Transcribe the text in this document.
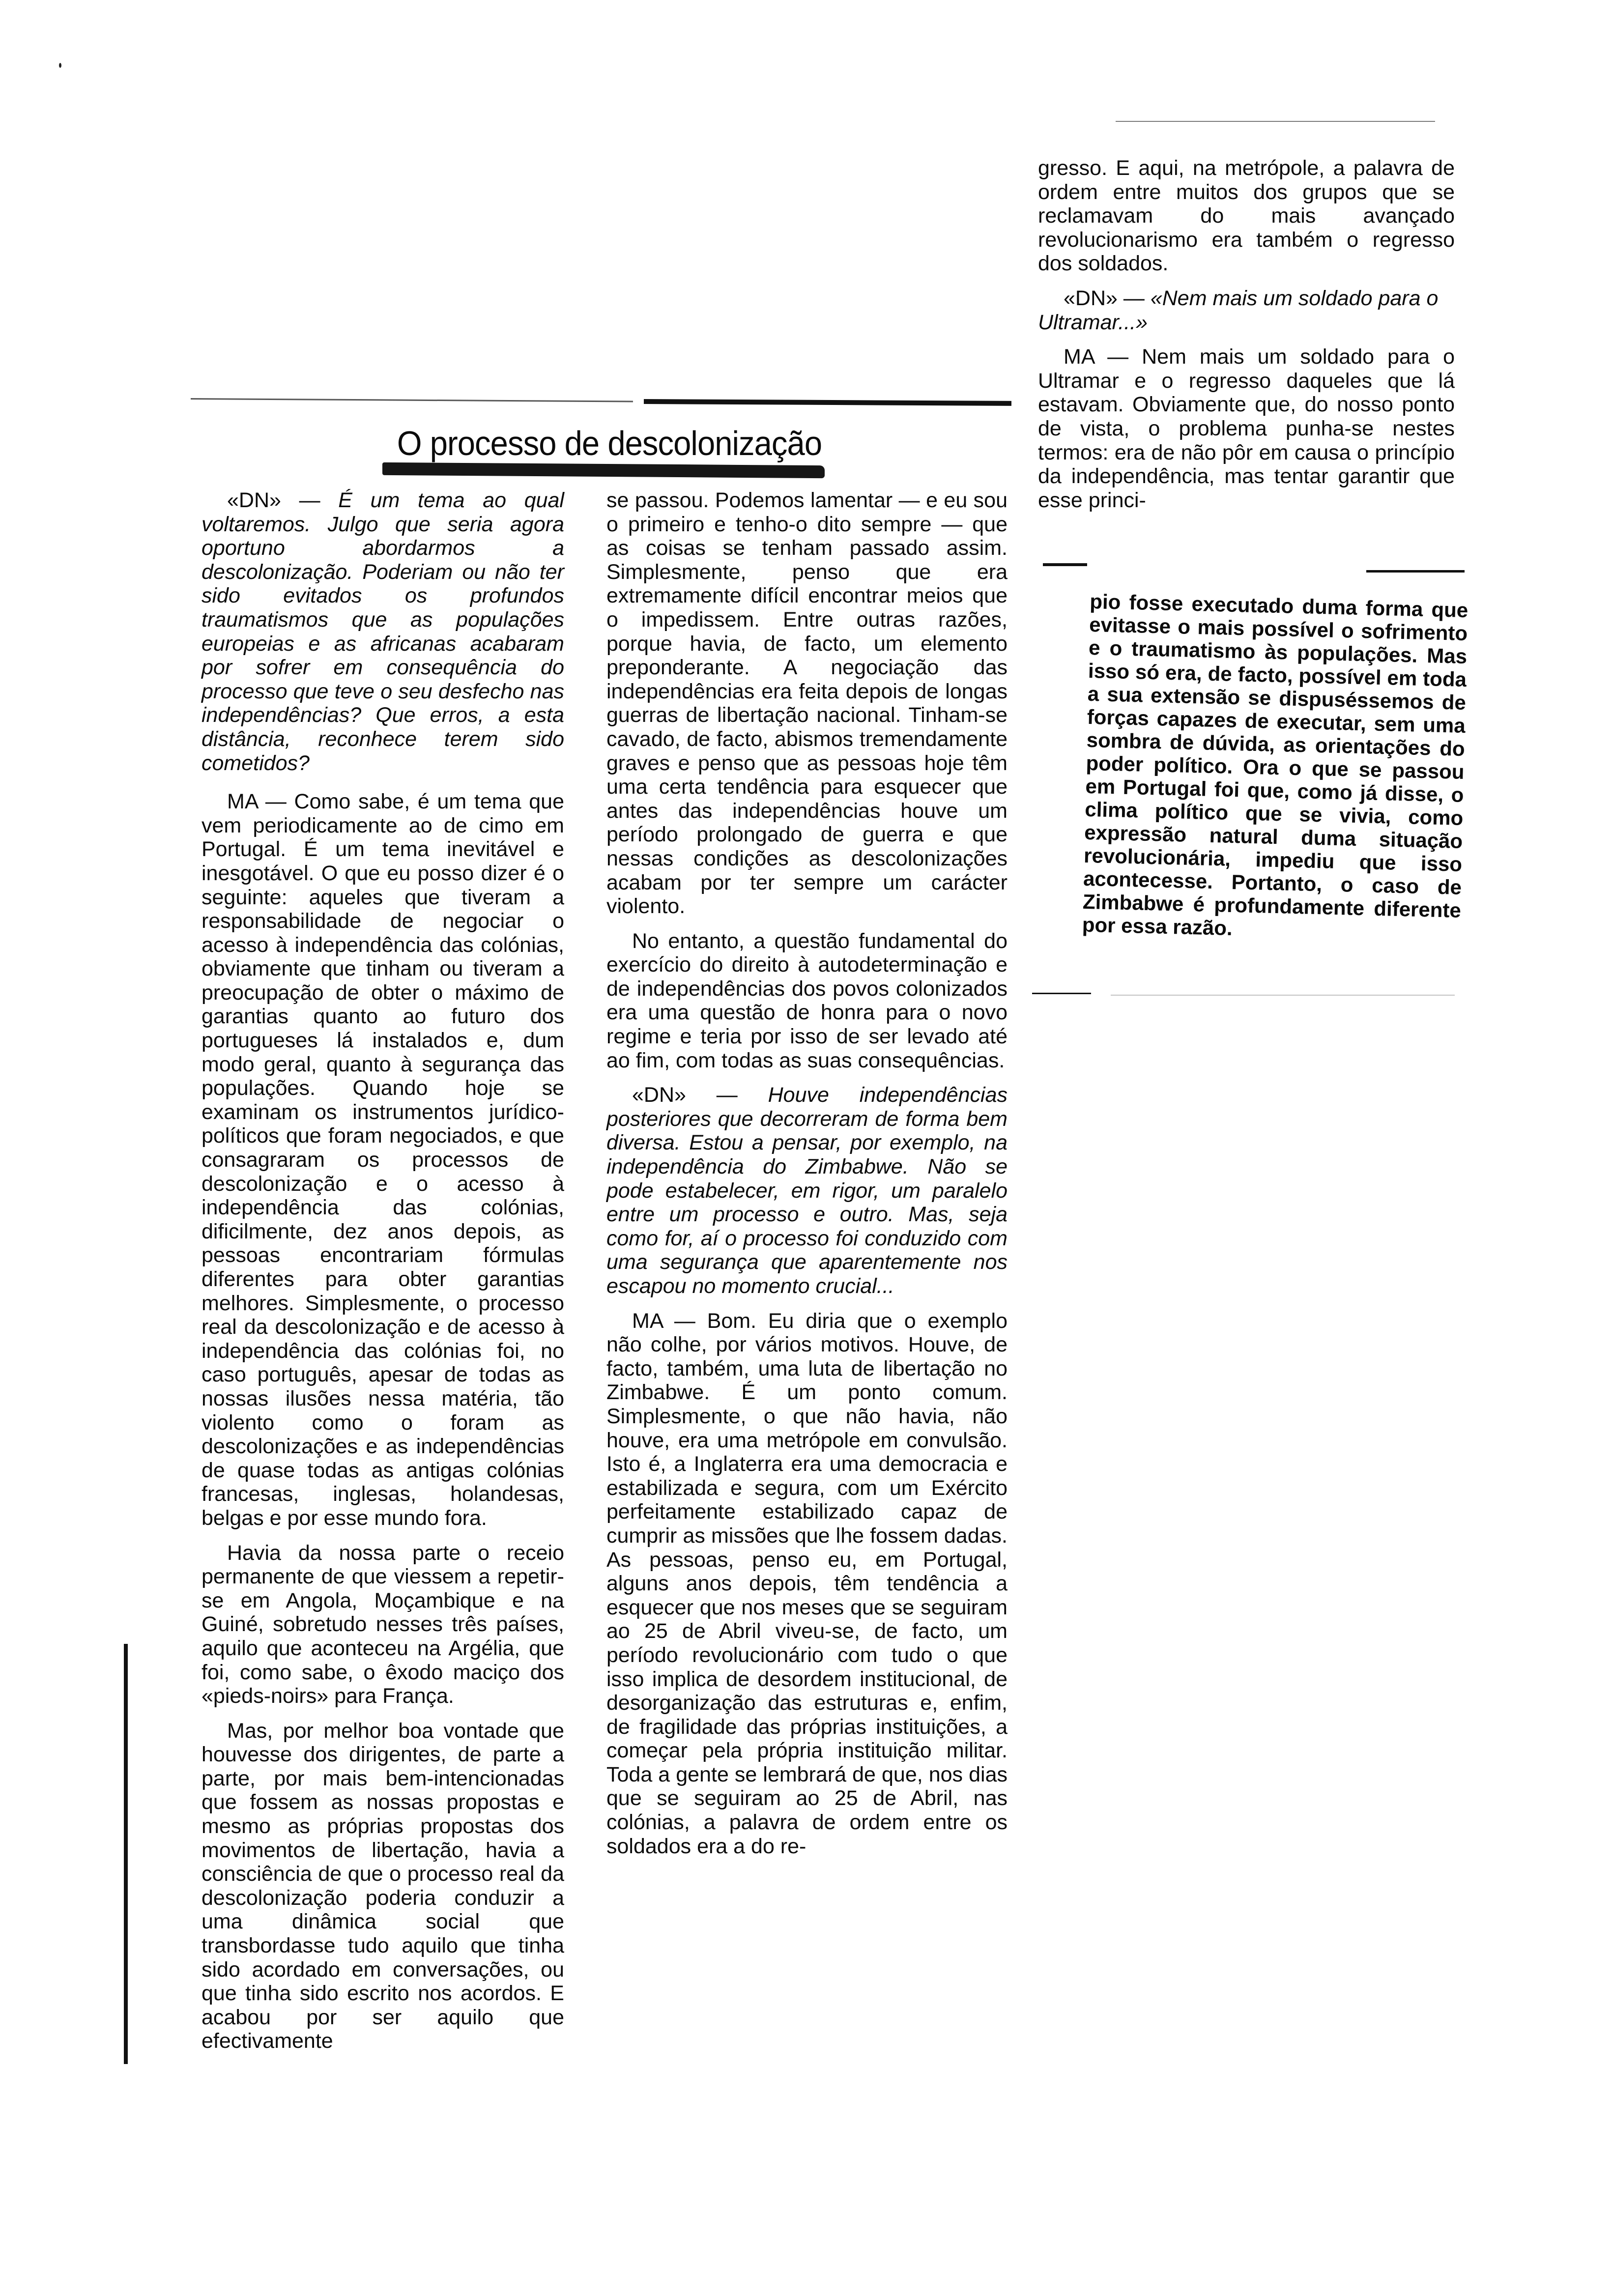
gresso. E aqui, na metrópole, a palavra de ordem entre muitos dos grupos que se reclamavam do mais avançado revolucionarismo era também o regresso dos soldados.

«DN» — «Nem mais um soldado para o Ultramar...»

MA — Nem mais um soldado para o Ultramar e o regresso daqueles que lá estavam. Obviamente que, do nosso ponto de vista, o problema punha-se nestes termos: era de não pôr em causa o princípio da independência, mas tentar garantir que esse princi-

O processo de descolonização

«DN» — É um tema ao qual voltaremos. Julgo que seria agora oportuno abordarmos a descolonização. Poderiam ou não ter sido evitados os profundos traumatismos que as populações europeias e as africanas acabaram por sofrer em consequência do processo que teve o seu desfecho nas independências? Que erros, a esta distância, reconhece terem sido cometidos?

MA — Como sabe, é um tema que vem periodicamente ao de cimo em Portugal. É um tema inevitável e inesgotável. O que eu posso dizer é o seguinte: aqueles que tiveram a responsabilidade de negociar o acesso à independência das colónias, obviamente que tinham ou tiveram a preocupação de obter o máximo de garantias quanto ao futuro dos portugueses lá instalados e, dum modo geral, quanto à segurança das populações. Quando hoje se examinam os instrumentos jurídico-políticos que foram negociados, e que consagraram os processos de descolonização e o acesso à independência das colónias, dificilmente, dez anos depois, as pessoas encontrariam fórmulas diferentes para obter garantias melhores. Simplesmente, o processo real da descolonização e de acesso à independência das colónias foi, no caso português, apesar de todas as nossas ilusões nessa matéria, tão violento como o foram as descolonizações e as independências de quase todas as antigas colónias francesas, inglesas, holandesas, belgas e por esse mundo fora.

Havia da nossa parte o receio permanente de que viessem a repetir-se em Angola, Moçambique e na Guiné, sobretudo nesses três países, aquilo que aconteceu na Argélia, que foi, como sabe, o êxodo maciço dos «pieds-noirs» para França.

Mas, por melhor boa vontade que houvesse dos dirigentes, de parte a parte, por mais bem-intencionadas que fossem as nossas propostas e mesmo as próprias propostas dos movimentos de libertação, havia a consciência de que o processo real da descolonização poderia conduzir a uma dinâmica social que transbordasse tudo aquilo que tinha sido acordado em conversações, ou que tinha sido escrito nos acordos. E acabou por ser aquilo que efectivamente

se passou. Podemos lamentar — e eu sou o primeiro e tenho-o dito sempre — que as coisas se tenham passado assim. Simplesmente, penso que era extremamente difícil encontrar meios que o impedissem. Entre outras razões, porque havia, de facto, um elemento preponderante. A negociação das independências era feita depois de longas guerras de libertação nacional. Tinham-se cavado, de facto, abismos tremendamente graves e penso que as pessoas hoje têm uma certa tendência para esquecer que antes das independências houve um período prolongado de guerra e que nessas condições as descolonizações acabam por ter sempre um carácter violento.

No entanto, a questão fundamental do exercício do direito à autodeterminação e de independências dos povos colonizados era uma questão de honra para o novo regime e teria por isso de ser levado até ao fim, com todas as suas consequências.

«DN» — Houve independências posteriores que decorreram de forma bem diversa. Estou a pensar, por exemplo, na independência do Zimbabwe. Não se pode estabelecer, em rigor, um paralelo entre um processo e outro. Mas, seja como for, aí o processo foi conduzido com uma segurança que aparentemente nos escapou no momento crucial...

MA — Bom. Eu diria que o exemplo não colhe, por vários motivos. Houve, de facto, também, uma luta de libertação no Zimbabwe. É um ponto comum. Simplesmente, o que não havia, não houve, era uma metrópole em convulsão. Isto é, a Inglaterra era uma democracia e estabilizada e segura, com um Exército perfeitamente estabilizado capaz de cumprir as missões que lhe fossem dadas. As pessoas, penso eu, em Portugal, alguns anos depois, têm tendência a esquecer que nos meses que se seguiram ao 25 de Abril viveu-se, de facto, um período revolucionário com tudo o que isso implica de desordem institucional, de desorganização das estruturas e, enfim, de fragilidade das próprias instituições, a começar pela própria instituição militar. Toda a gente se lembrará de que, nos dias que se seguiram ao 25 de Abril, nas colónias, a palavra de ordem entre os soldados era a do re-

pio fosse executado duma forma que evitasse o mais possível o sofrimento e o traumatismo às populações. Mas isso só era, de facto, possível em toda a sua extensão se dispuséssemos de forças capazes de executar, sem uma sombra de dúvida, as orientações do poder político. Ora o que se passou em Portugal foi que, como já disse, o clima político que se vivia, como expressão natural duma situação revolucionária, impediu que isso acontecesse. Portanto, o caso de Zimbabwe é profundamente diferente por essa razão.
